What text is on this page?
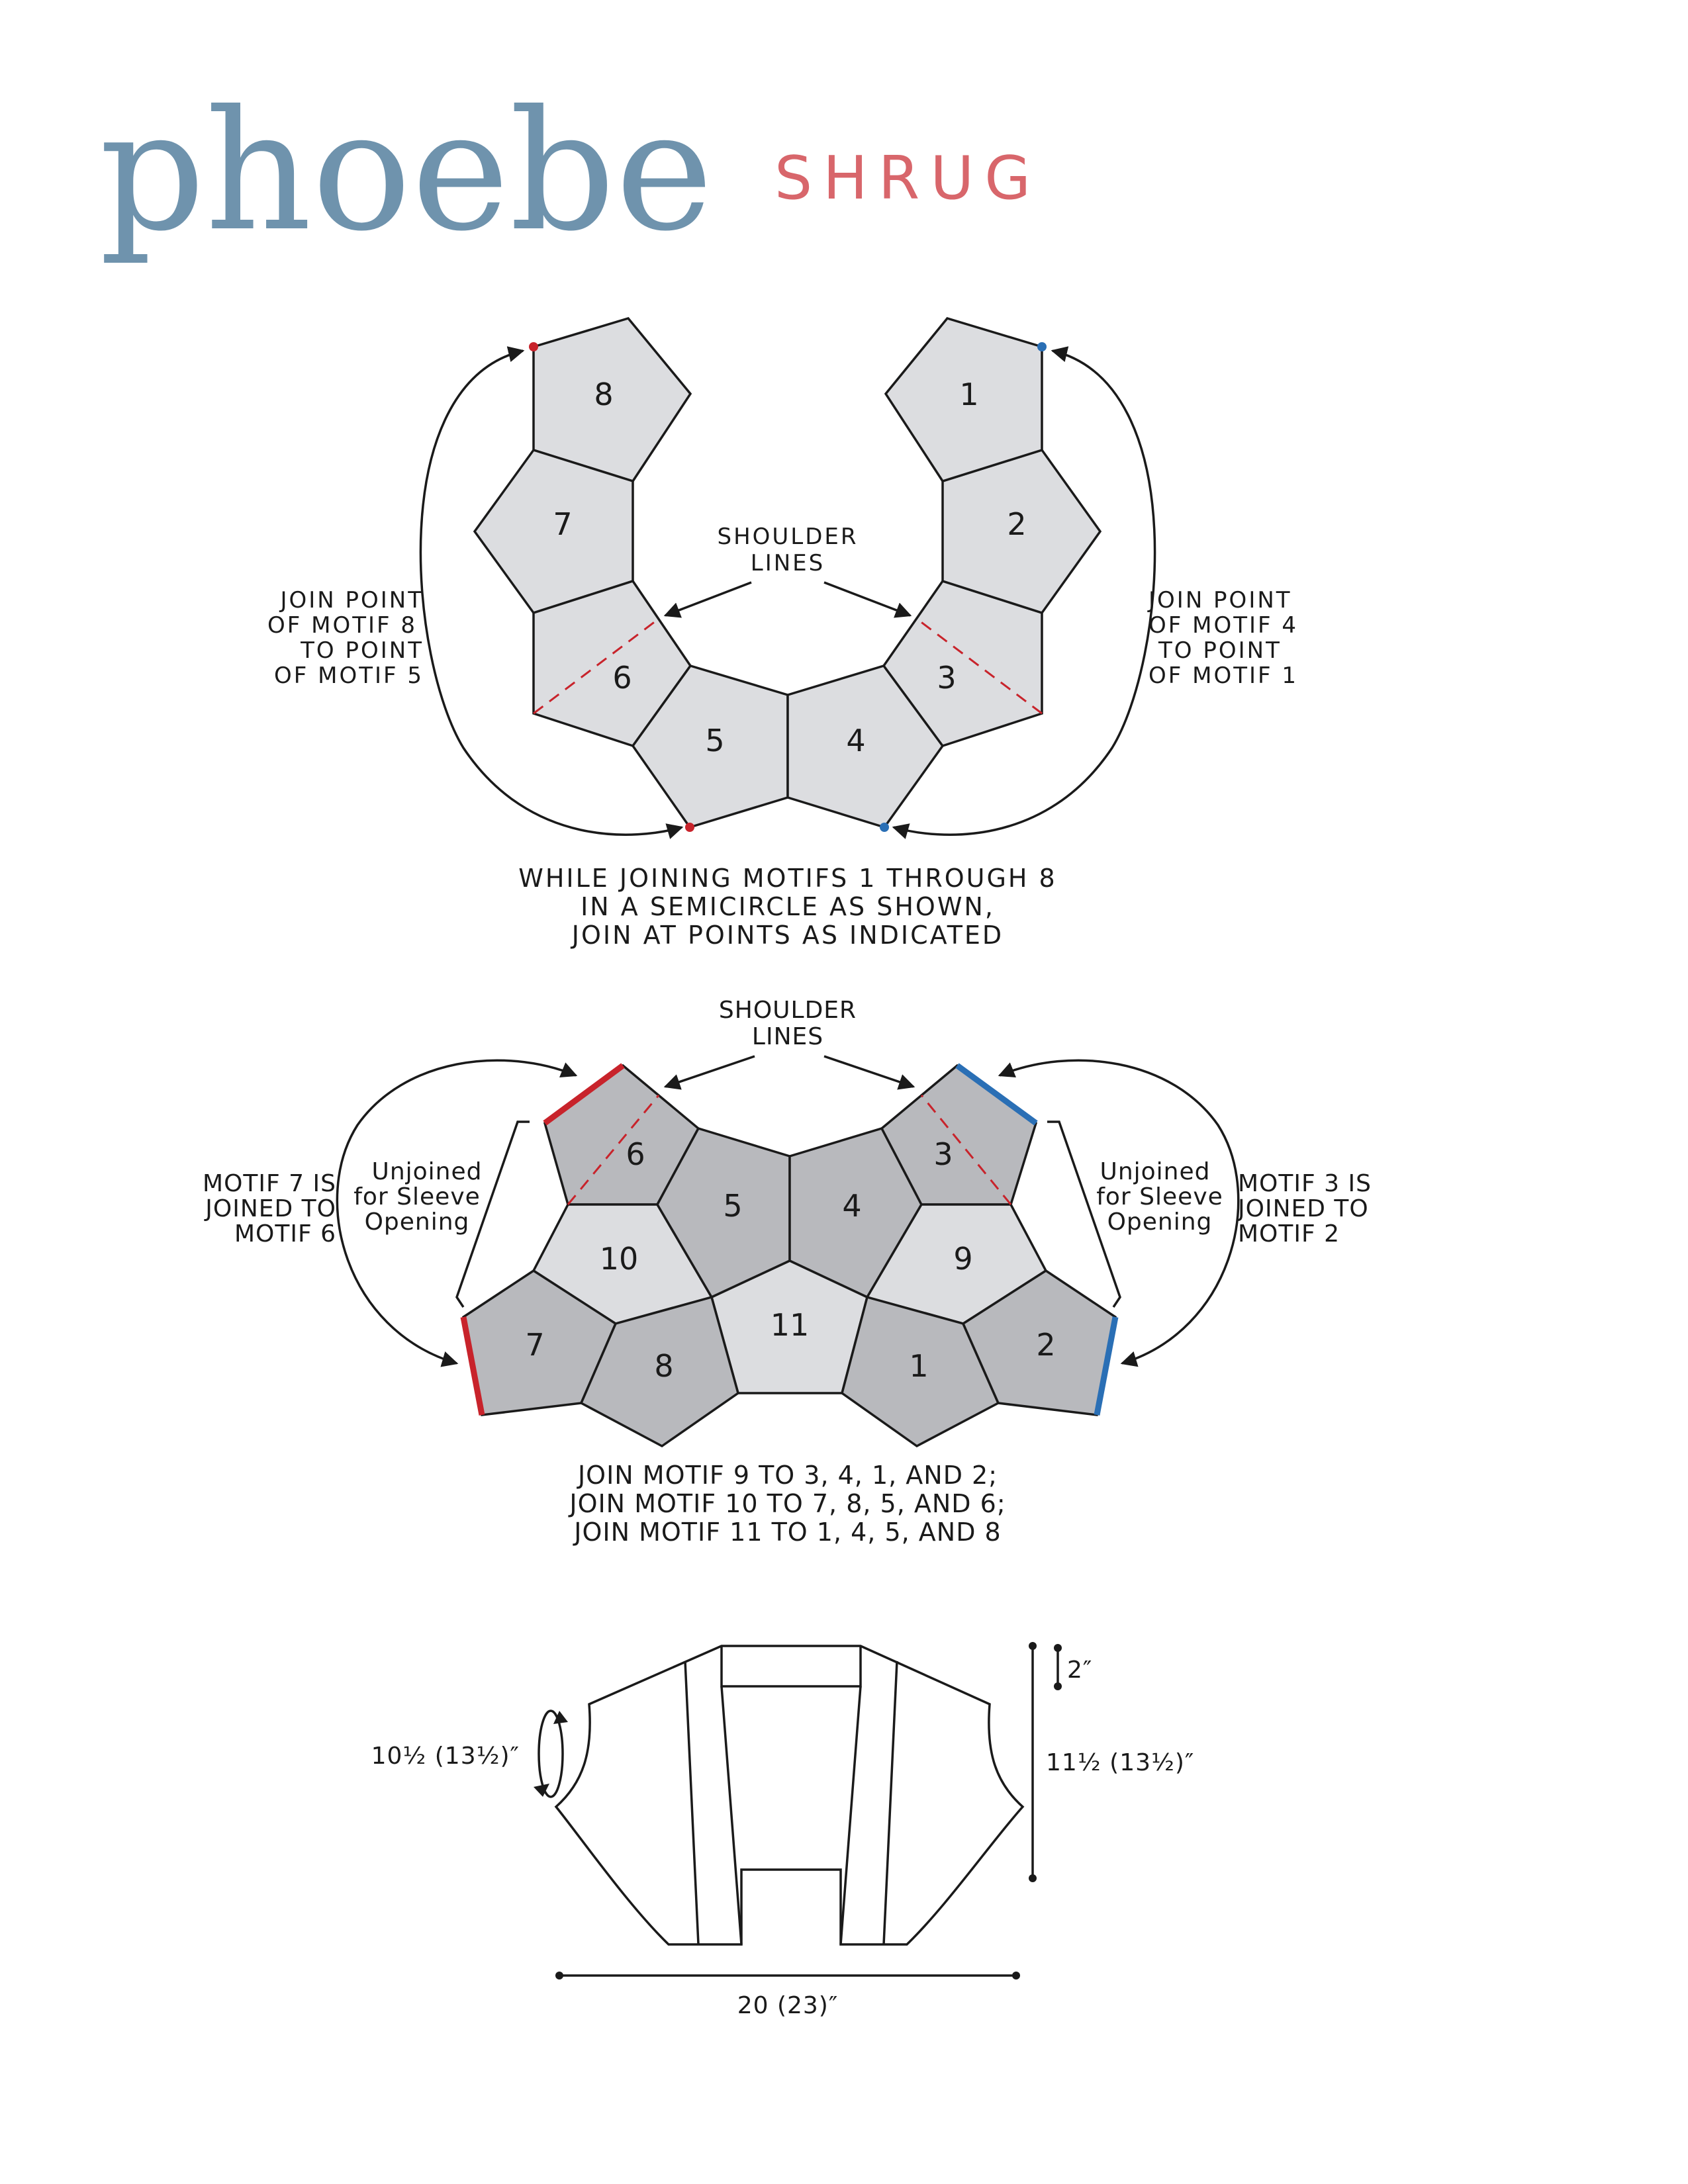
phoebe SHRUG
8
7
6
5	4
3
2
1
SHOULDER
LINES
JOIN POINT
OF MOTIF 8
TO POINT
OF MOTIF 5
JOIN POINT
OF MOTIF 4
TO POINT
OF MOTIF 1
WHILE JOINING MOTIFS 1 THROUGH 8
IN A SEMICIRCLE AS SHOWN,
JOIN AT POINTS AS INDICATED
6
5	4
3
10	9
11
7
8	1
2
SHOULDER
LINES
Unjoined
for Sleeve
Opening
Unjoined
for Sleeve
Opening
MOTIF 7 IS
JOINED TO
MOTIF 6
MOTIF 3 IS
JOINED TO
MOTIF 2
JOIN MOTIF 9 TO 3, 4, 1, AND 2;
JOIN MOTIF 10 TO 7, 8, 5, AND 6;
JOIN MOTIF 11 TO 1, 4, 5, AND 8
10½ (13½)″	11½ (13½)″
2″
20 (23)″
